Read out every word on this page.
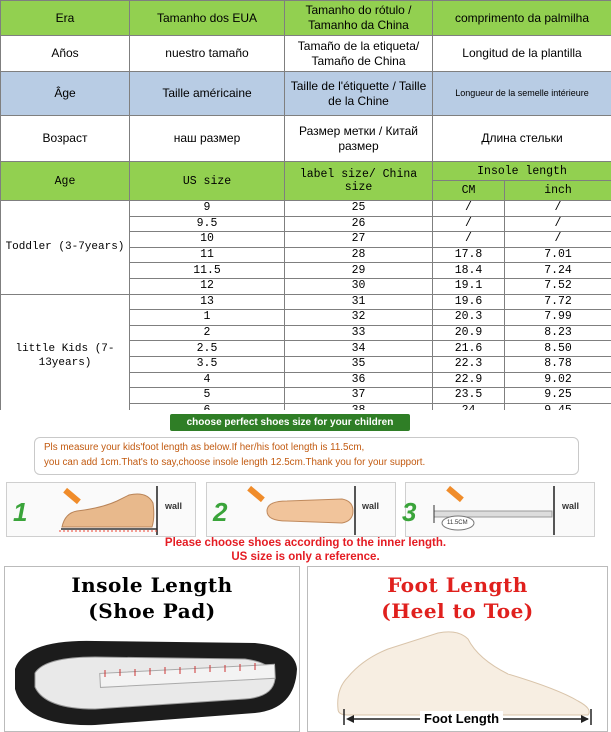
Era	Tamanho dos EUA	Tamanho do rótulo / Tamanho da China	comprimento da palmilha	
Años	nuestro tamaño	Tamaño de la etiqueta/ Tamaño de China	Longitud de la plantilla	
Âge	Taille américaine	Taille de l'étiquette / Taille de la Chine	Longueur de la semelle intérieure	
Возраст	наш размер	Размер метки / Китай размер	Длина стельки	
Age	US size	label size/ China size	Insole length	
			CM	inch
Toddler (3-7years)	9	25	/	/
	9.5	26	/	/
	10	27	/	/
	11	28	17.8	7.01
	11.5	29	18.4	7.24
	12	30	19.1	7.52
little Kids (7-13years)	13	31	19.6	7.72
	1	32	20.3	7.99
	2	33	20.9	8.23
	2.5	34	21.6	8.50
	3.5	35	22.3	8.78
	4	36	22.9	9.02
	5	37	23.5	9.25

choose perfect shoes size for your children
Pls measure your kids'foot length as below.If her/his foot length is 11.5cm,
you can add 1cm.That's to say,choose insole length 12.5cm.Thank you for your support.
1	wall 2	wall 3	11.5CM
wall
Please choose shoes according to the inner length.
US size is only a reference.
Insole Length
(Shoe Pad)
Foot Length
(Heel to Toe)
Foot Length
